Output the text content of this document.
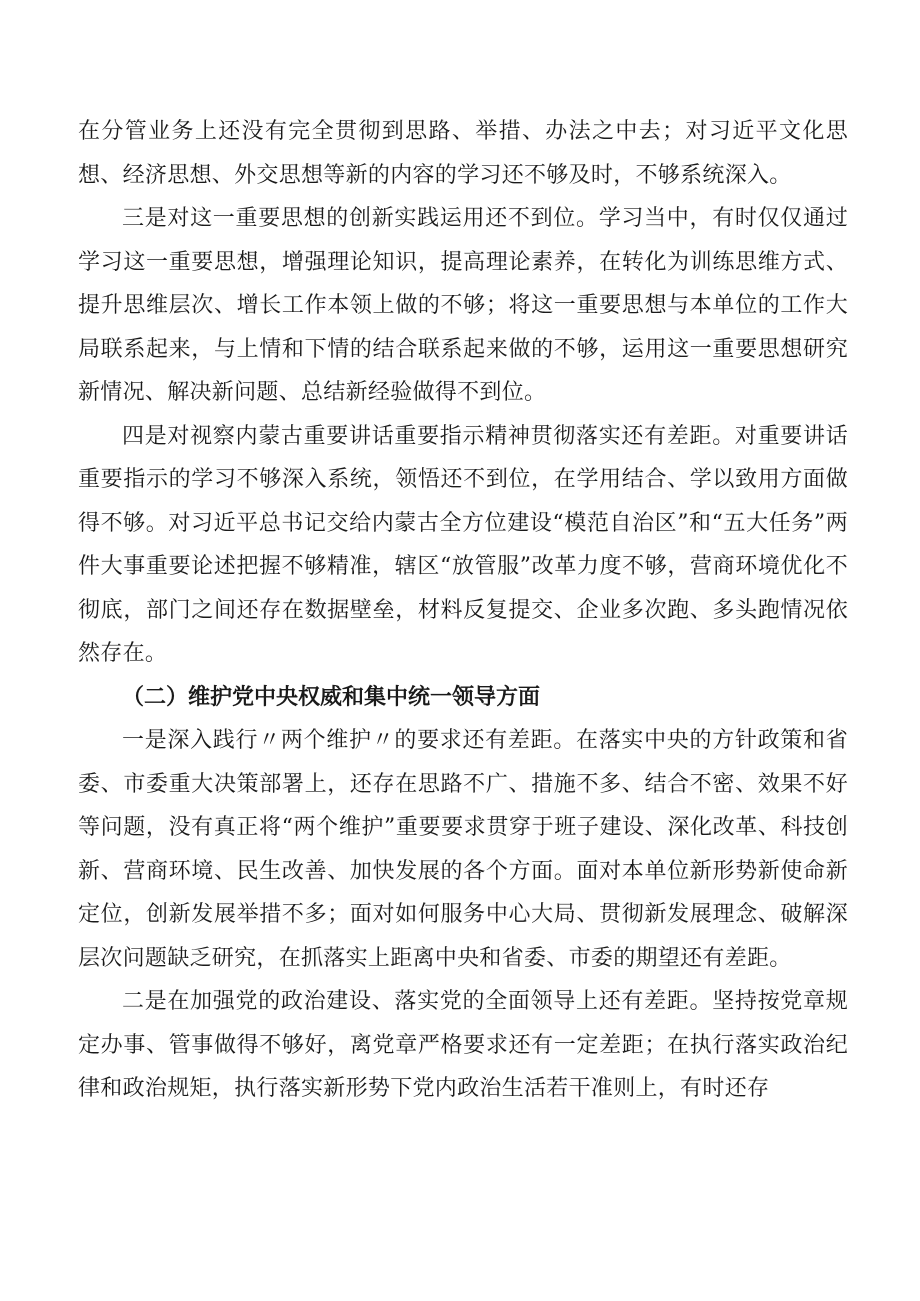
在分管业务上还没有完全贯彻到思路、举措、办法之中去；对习近平文化思想、经济思想、外交思想等新的内容的学习还不够及时，不够系统深入。

三是对这一重要思想的创新实践运用还不到位。学习当中，有时仅仅通过学习这一重要思想，增强理论知识，提高理论素养，在转化为训练思维方式、提升思维层次、增长工作本领上做的不够；将这一重要思想与本单位的工作大局联系起来，与上情和下情的结合联系起来做的不够，运用这一重要思想研究新情况、解决新问题、总结新经验做得不到位。

四是对视察内蒙古重要讲话重要指示精神贯彻落实还有差距。对重要讲话重要指示的学习不够深入系统，领悟还不到位，在学用结合、学以致用方面做得不够。对习近平总书记交给内蒙古全方位建设“模范自治区”和“五大任务”两件大事重要论述把握不够精准，辖区“放管服”改革力度不够，营商环境优化不彻底，部门之间还存在数据壁垒，材料反复提交、企业多次跑、多头跑情况依然存在。

（二）维护党中央权威和集中统一领导方面

一是深入践行〃两个维护〃的要求还有差距。在落实中央的方针政策和省委、市委重大决策部署上，还存在思路不广、措施不多、结合不密、效果不好等问题，没有真正将“两个维护”重要要求贯穿于班子建设、深化改革、科技创新、营商环境、民生改善、加快发展的各个方面。面对本单位新形势新使命新定位，创新发展举措不多；面对如何服务中心大局、贯彻新发展理念、破解深层次问题缺乏研究，在抓落实上距离中央和省委、市委的期望还有差距。

二是在加强党的政治建设、落实党的全面领导上还有差距。坚持按党章规定办事、管事做得不够好，离党章严格要求还有一定差距；在执行落实政治纪律和政治规矩，执行落实新形势下党内政治生活若干准则上，有时还存
